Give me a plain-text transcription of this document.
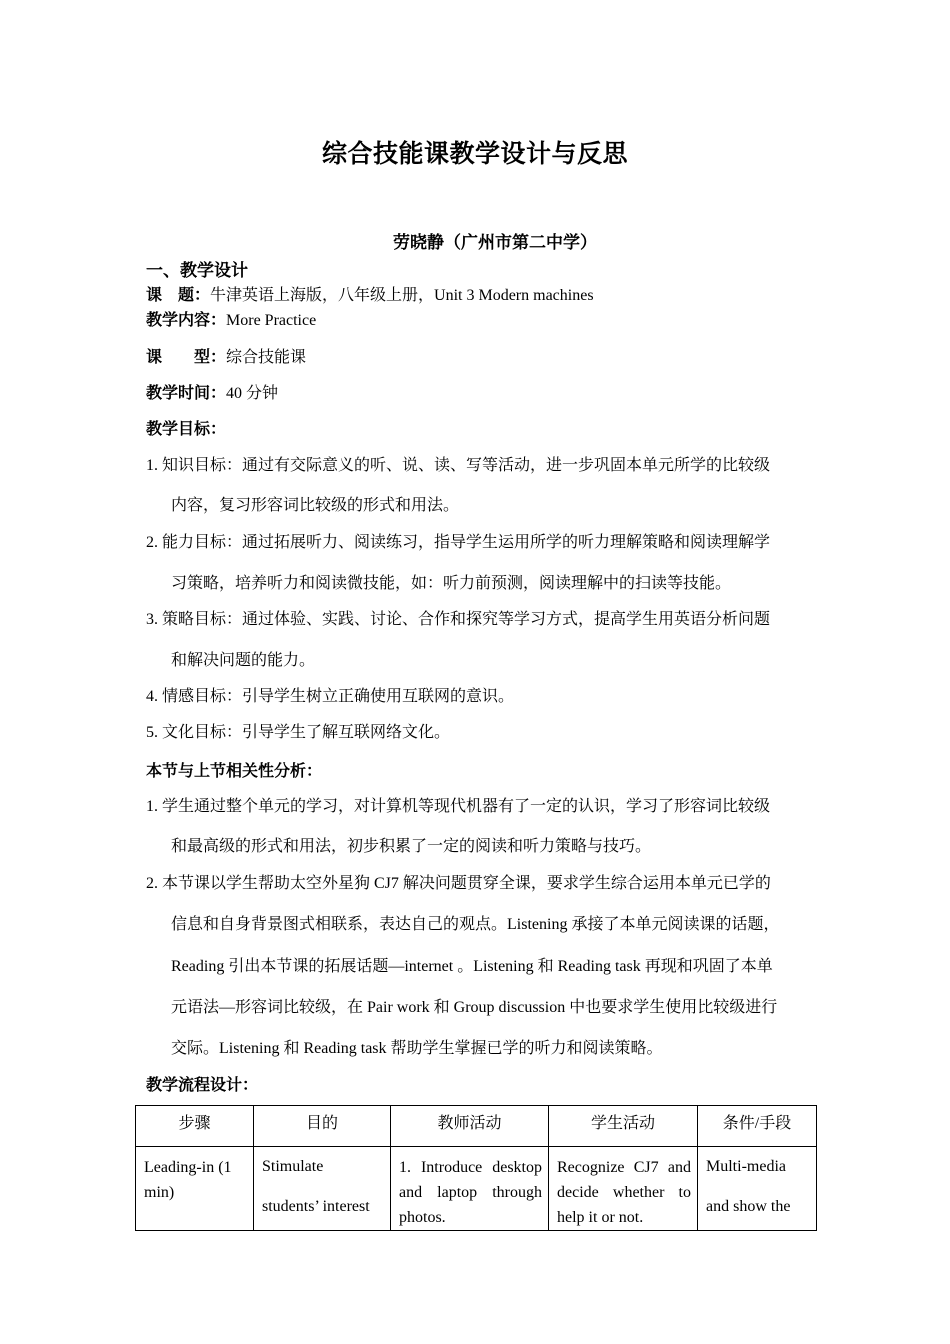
综合技能课教学设计与反思
劳晓静（广州市第二中学）
一、教学设计
课　题：牛津英语上海版，八年级上册，Unit 3 Modern machines
教学内容：More Practice
课　　型：综合技能课
教学时间：40 分钟
教学目标：
1. 知识目标：通过有交际意义的听、说、读、写等活动，进一步巩固本单元所学的比较级
内容，复习形容词比较级的形式和用法。
2. 能力目标：通过拓展听力、阅读练习，指导学生运用所学的听力理解策略和阅读理解学
习策略，培养听力和阅读微技能，如：听力前预测，阅读理解中的扫读等技能。
3. 策略目标：通过体验、实践、讨论、合作和探究等学习方式，提高学生用英语分析问题
和解决问题的能力。
4. 情感目标：引导学生树立正确使用互联网的意识。
5. 文化目标：引导学生了解互联网络文化。
本节与上节相关性分析：
1. 学生通过整个单元的学习，对计算机等现代机器有了一定的认识，学习了形容词比较级
和最高级的形式和用法，初步积累了一定的阅读和听力策略与技巧。
2. 本节课以学生帮助太空外星狗 CJ7 解决问题贯穿全课，要求学生综合运用本单元已学的
信息和自身背景图式相联系，表达自己的观点。Listening 承接了本单元阅读课的话题，
Reading 引出本节课的拓展话题—internet 。Listening 和 Reading task 再现和巩固了本单
元语法—形容词比较级，在 Pair work 和 Group discussion 中也要求学生使用比较级进行
交际。Listening 和 Reading task 帮助学生掌握已学的听力和阅读策略。
教学流程设计：
步骤	目的	教师活动	学生活动	条件/手段
Leading-in (1 min)	Stimulate students’ interest	1. Introduce desktop and laptop through photos.	Recognize CJ7 and decide whether to help it or not.	Multi-media and show the
